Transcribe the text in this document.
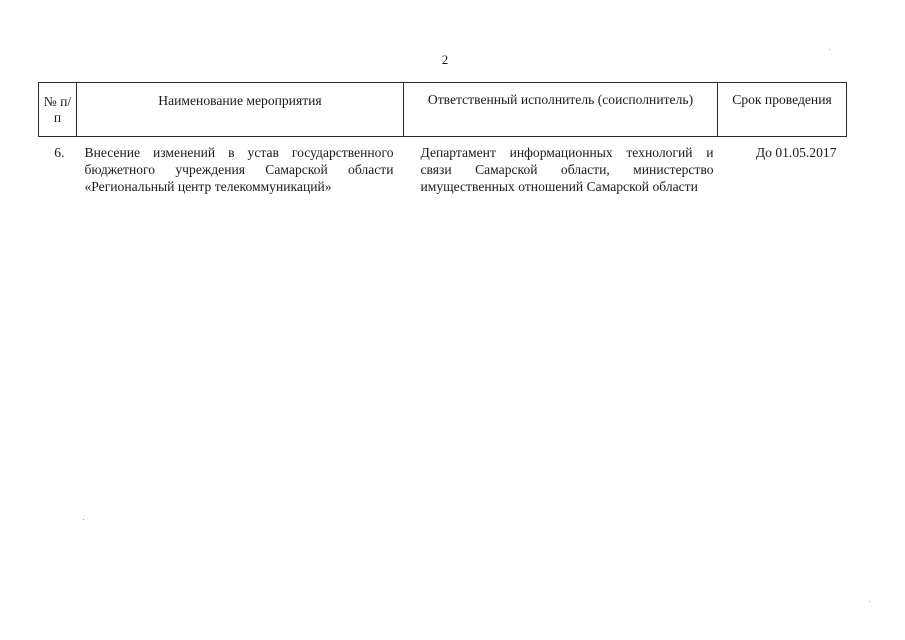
2
№ п/п	Наименование мероприятия	Ответственный исполнитель (соисполнитель)	Срок проведения
6.	Внесение изменений в устав государственного бюджетного учреждения Самарской области «Региональный центр телекоммуникаций»	Департамент информационных технологий и связи Самарской области, министерство имущественных отношений Самарской области	До 01.05.2017
